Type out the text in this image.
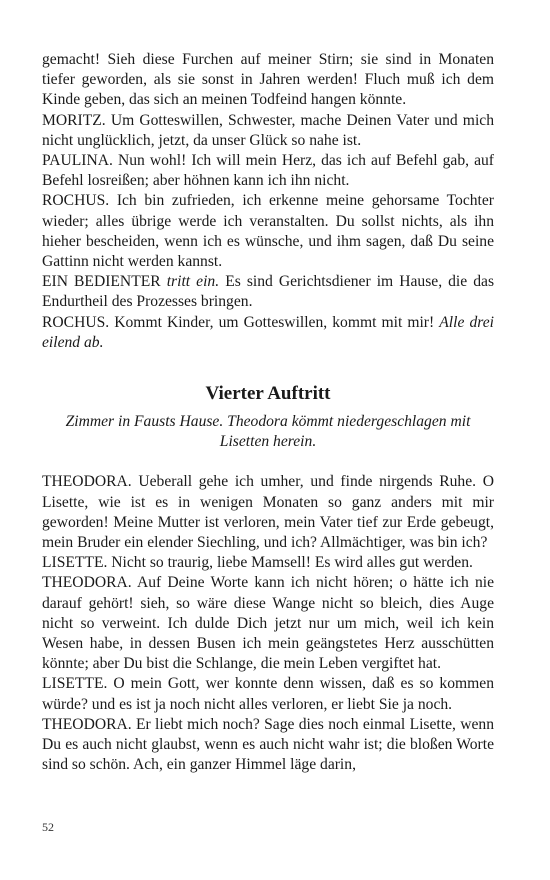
gemacht! Sieh diese Furchen auf meiner Stirn; sie sind in Monaten tiefer geworden, als sie sonst in Jahren werden! Fluch muß ich dem Kinde geben, das sich an meinen Todfeind hangen könnte.

MORITZ. Um Gotteswillen, Schwester, mache Deinen Vater und mich nicht unglücklich, jetzt, da unser Glück so nahe ist.

PAULINA. Nun wohl! Ich will mein Herz, das ich auf Befehl gab, auf Befehl losreißen; aber höhnen kann ich ihn nicht.

ROCHUS. Ich bin zufrieden, ich erkenne meine gehorsame Tochter wieder; alles übrige werde ich veranstalten. Du sollst nichts, als ihn hieher bescheiden, wenn ich es wünsche, und ihm sagen, daß Du seine Gattinn nicht werden kannst.

EIN BEDIENTER tritt ein. Es sind Gerichtsdiener im Hause, die das Endurtheil des Prozesses bringen.

ROCHUS. Kommt Kinder, um Gotteswillen, kommt mit mir! Alle drei eilend ab.

Vierter Auftritt
Zimmer in Fausts Hause. Theodora kömmt niedergeschlagen mit Lisetten herein.

THEODORA. Ueberall gehe ich umher, und finde nirgends Ruhe. O Lisette, wie ist es in wenigen Monaten so ganz anders mit mir geworden! Meine Mutter ist verloren, mein Vater tief zur Erde gebeugt, mein Bruder ein elender Siechling, und ich? Allmächtiger, was bin ich?

LISETTE. Nicht so traurig, liebe Mamsell! Es wird alles gut werden.

THEODORA. Auf Deine Worte kann ich nicht hören; o hätte ich nie darauf gehört! sieh, so wäre diese Wange nicht so bleich, dies Auge nicht so verweint. Ich dulde Dich jetzt nur um mich, weil ich kein Wesen habe, in dessen Busen ich mein geängstetes Herz ausschütten könnte; aber Du bist die Schlange, die mein Leben vergiftet hat.

LISETTE. O mein Gott, wer konnte denn wissen, daß es so kommen würde? und es ist ja noch nicht alles verloren, er liebt Sie ja noch.

THEODORA. Er liebt mich noch? Sage dies noch einmal Lisette, wenn Du es auch nicht glaubst, wenn es auch nicht wahr ist; die bloßen Worte sind so schön. Ach, ein ganzer Himmel läge darin,

52
